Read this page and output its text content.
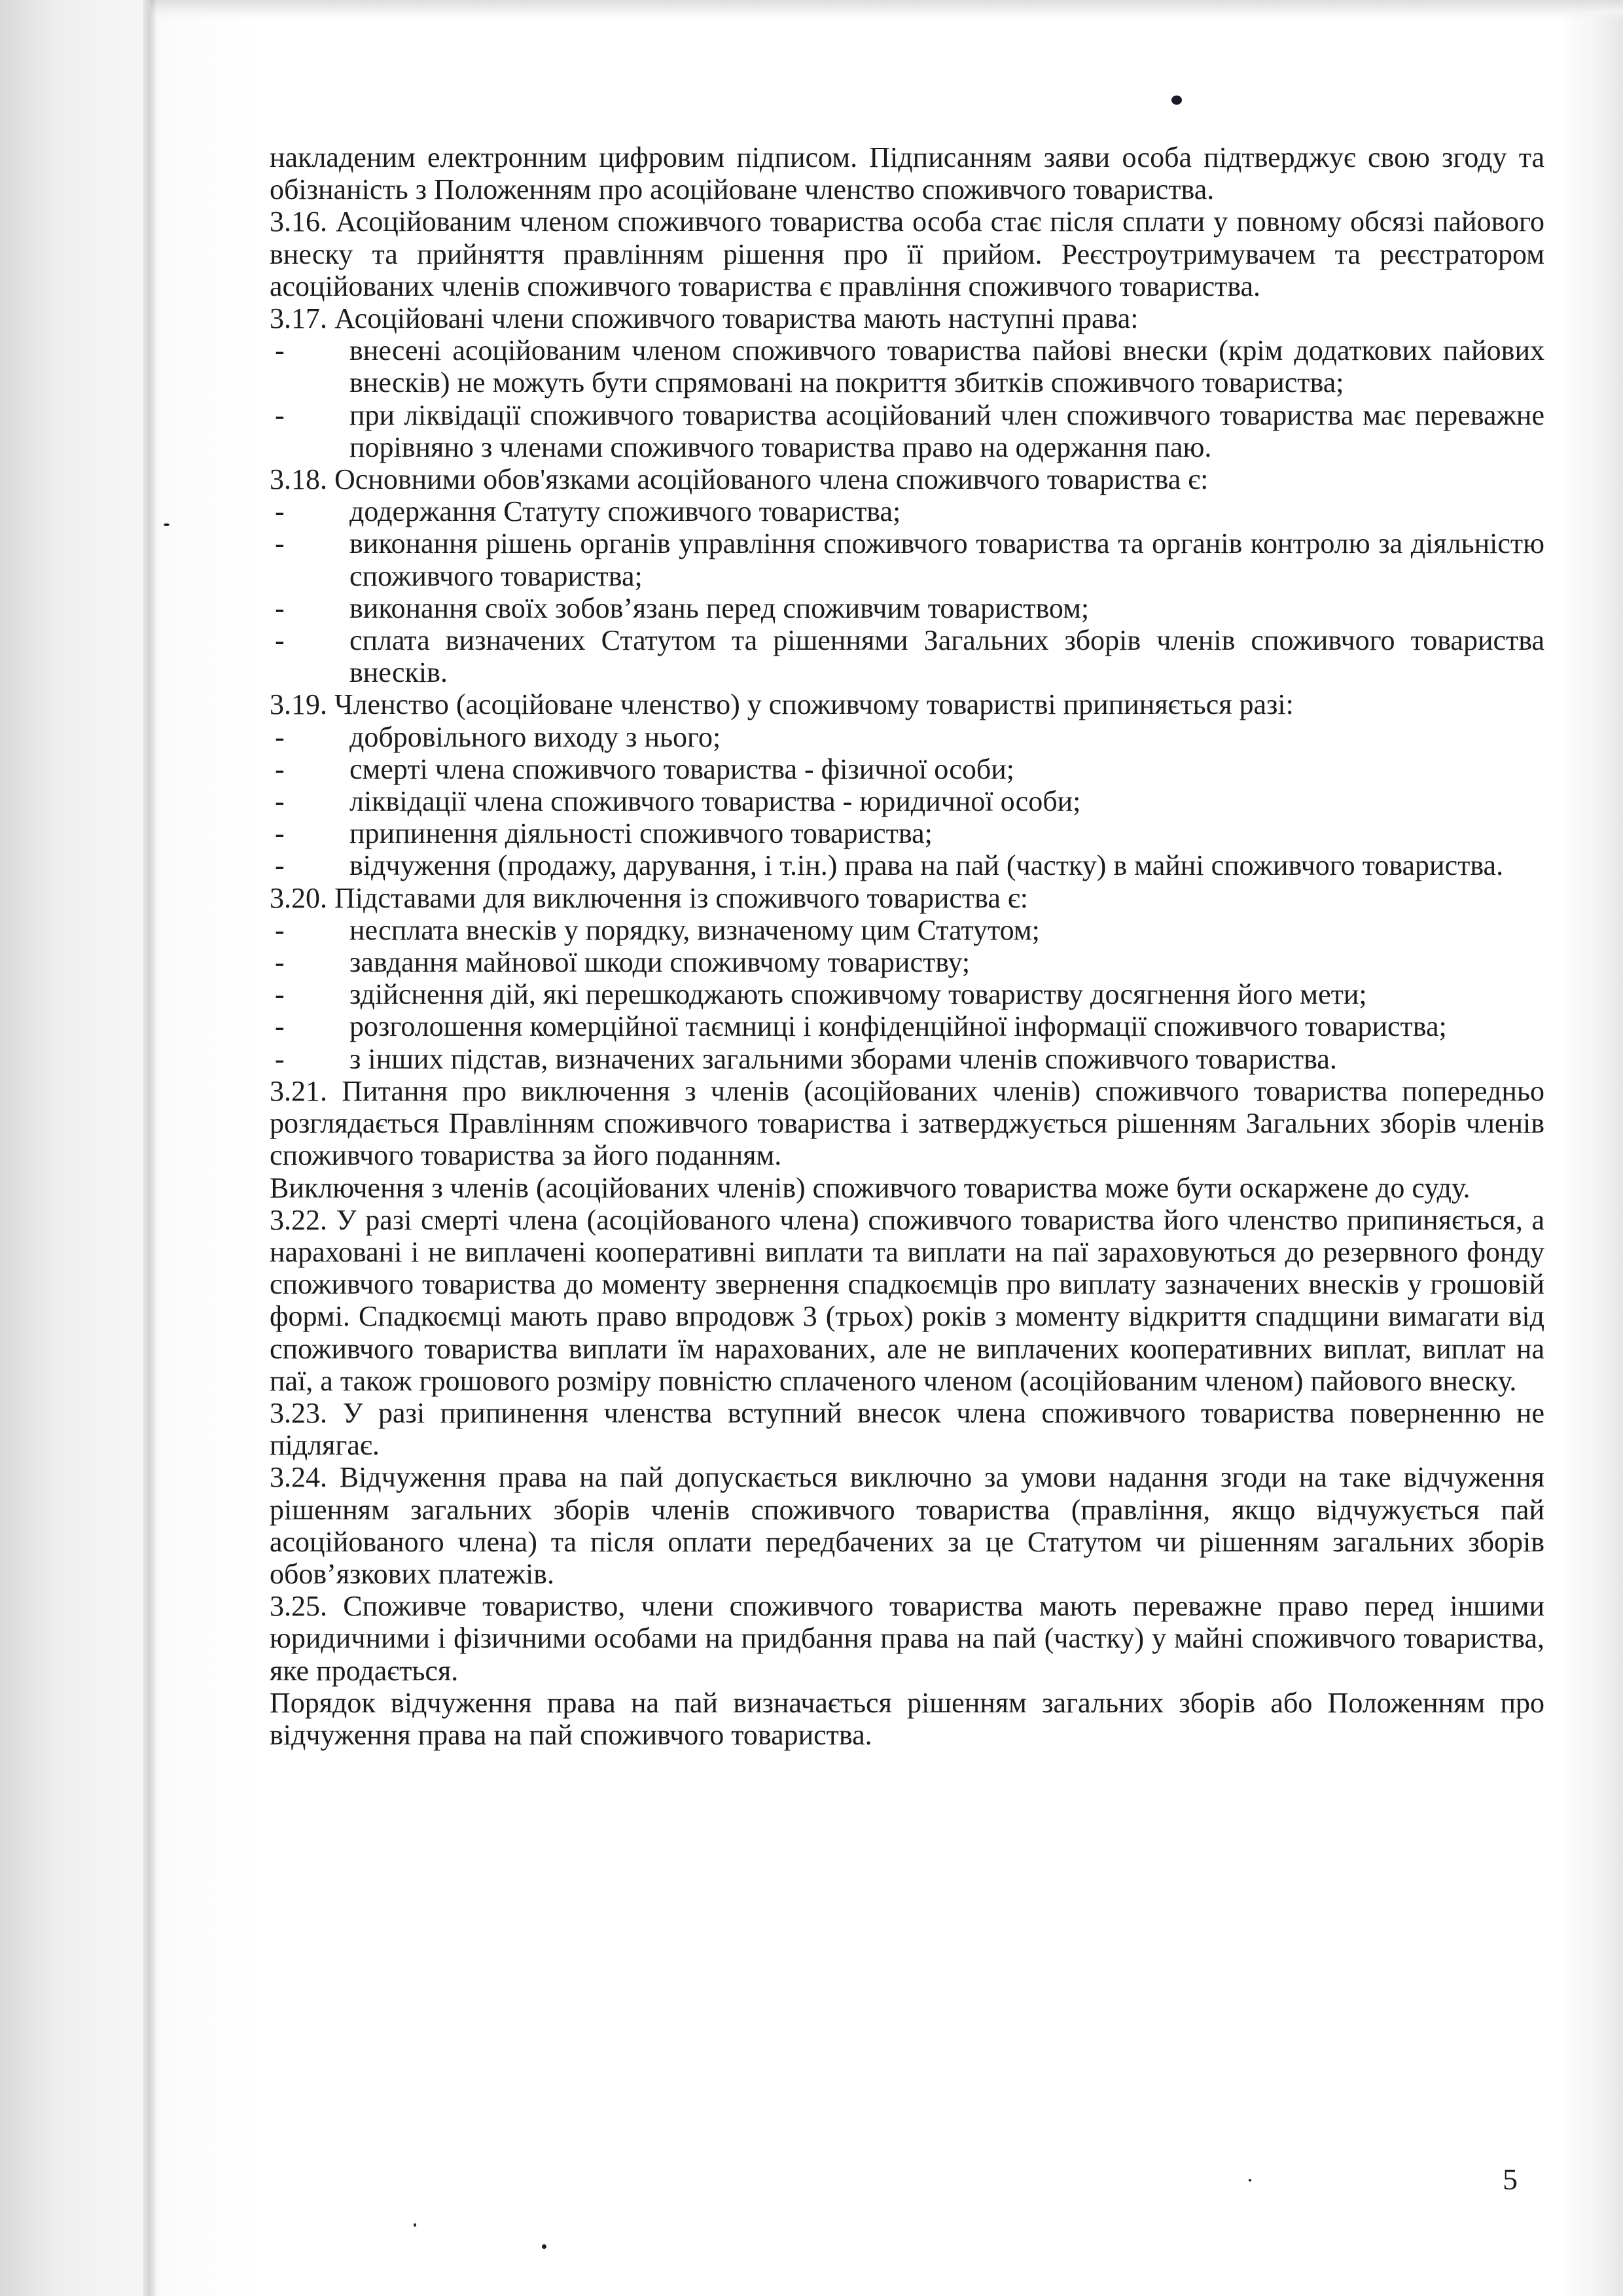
накладеним електронним цифровим підписом. Підписанням заяви особа підтверджує свою згоду та обізнаність з Положенням про асоційоване членство споживчого товариства.

3.16. Асоційованим членом споживчого товариства особа стає після сплати у повному обсязі пайового внеску та прийняття правлінням рішення про її прийом. Реєстроутримувачем та реєстратором асоційованих членів споживчого товариства є правління споживчого товариства.

3.17. Асоційовані члени споживчого товариства мають наступні права:

- внесені асоційованим членом споживчого товариства пайові внески (крім додаткових пайових внесків) не можуть бути спрямовані на покриття збитків споживчого товариства;

- при ліквідації споживчого товариства асоційований член споживчого товариства має переважне порівняно з членами споживчого товариства право на одержання паю.

3.18. Основними обов'язками асоційованого члена споживчого товариства є:

- додержання Статуту споживчого товариства;

- виконання рішень органів управління споживчого товариства та органів контролю за діяльністю споживчого товариства;

- виконання своїх зобов’язань перед споживчим товариством;

- сплата визначених Статутом та рішеннями Загальних зборів членів споживчого товариства внесків.

3.19. Членство (асоційоване членство) у споживчому товаристві припиняється разі:

- добровільного виходу з нього;

- смерті члена споживчого товариства - фізичної особи;

- ліквідації члена споживчого товариства - юридичної особи;

- припинення діяльності споживчого товариства;

- відчуження (продажу, дарування, і т.ін.) права на пай (частку) в майні споживчого товариства.

3.20. Підставами для виключення із споживчого товариства є:

- несплата внесків у порядку, визначеному цим Статутом;

- завдання майнової шкоди споживчому товариству;

- здійснення дій, які перешкоджають споживчому товариству досягнення його мети;

- розголошення комерційної таємниці і конфіденційної інформації споживчого товариства;

- з інших підстав, визначених загальними зборами членів споживчого товариства.

3.21. Питання про виключення з членів (асоційованих членів) споживчого товариства попередньо розглядається Правлінням споживчого товариства і затверджується рішенням Загальних зборів членів споживчого товариства за його поданням.

Виключення з членів (асоційованих членів) споживчого товариства може бути оскаржене до суду.

3.22. У разі смерті члена (асоційованого члена) споживчого товариства його членство припиняється, а нараховані і не виплачені кооперативні виплати та виплати на паї зараховуються до резервного фонду споживчого товариства до моменту звернення спадкоємців про виплату зазначених внесків у грошовій формі. Спадкоємці мають право впродовж 3 (трьох) років з моменту відкриття спадщини вимагати від споживчого товариства виплати їм нарахованих, але не виплачених кооперативних виплат, виплат на паї, а також грошового розміру повністю сплаченого членом (асоційованим членом) пайового внеску.

3.23. У разі припинення членства вступний внесок члена споживчого товариства поверненню не підлягає.

3.24. Відчуження права на пай допускається виключно за умови надання згоди на таке відчуження рішенням загальних зборів членів споживчого товариства (правління, якщо відчужується пай асоційованого члена) та після оплати передбачених за це Статутом чи рішенням загальних зборів обов’язкових платежів.

3.25. Споживче товариство, члени споживчого товариства мають переважне право перед іншими юридичними і фізичними особами на придбання права на пай (частку) у майні споживчого товариства, яке продається.

Порядок відчуження права на пай визначається рішенням загальних зборів або Положенням про відчуження права на пай споживчого товариства.

5
